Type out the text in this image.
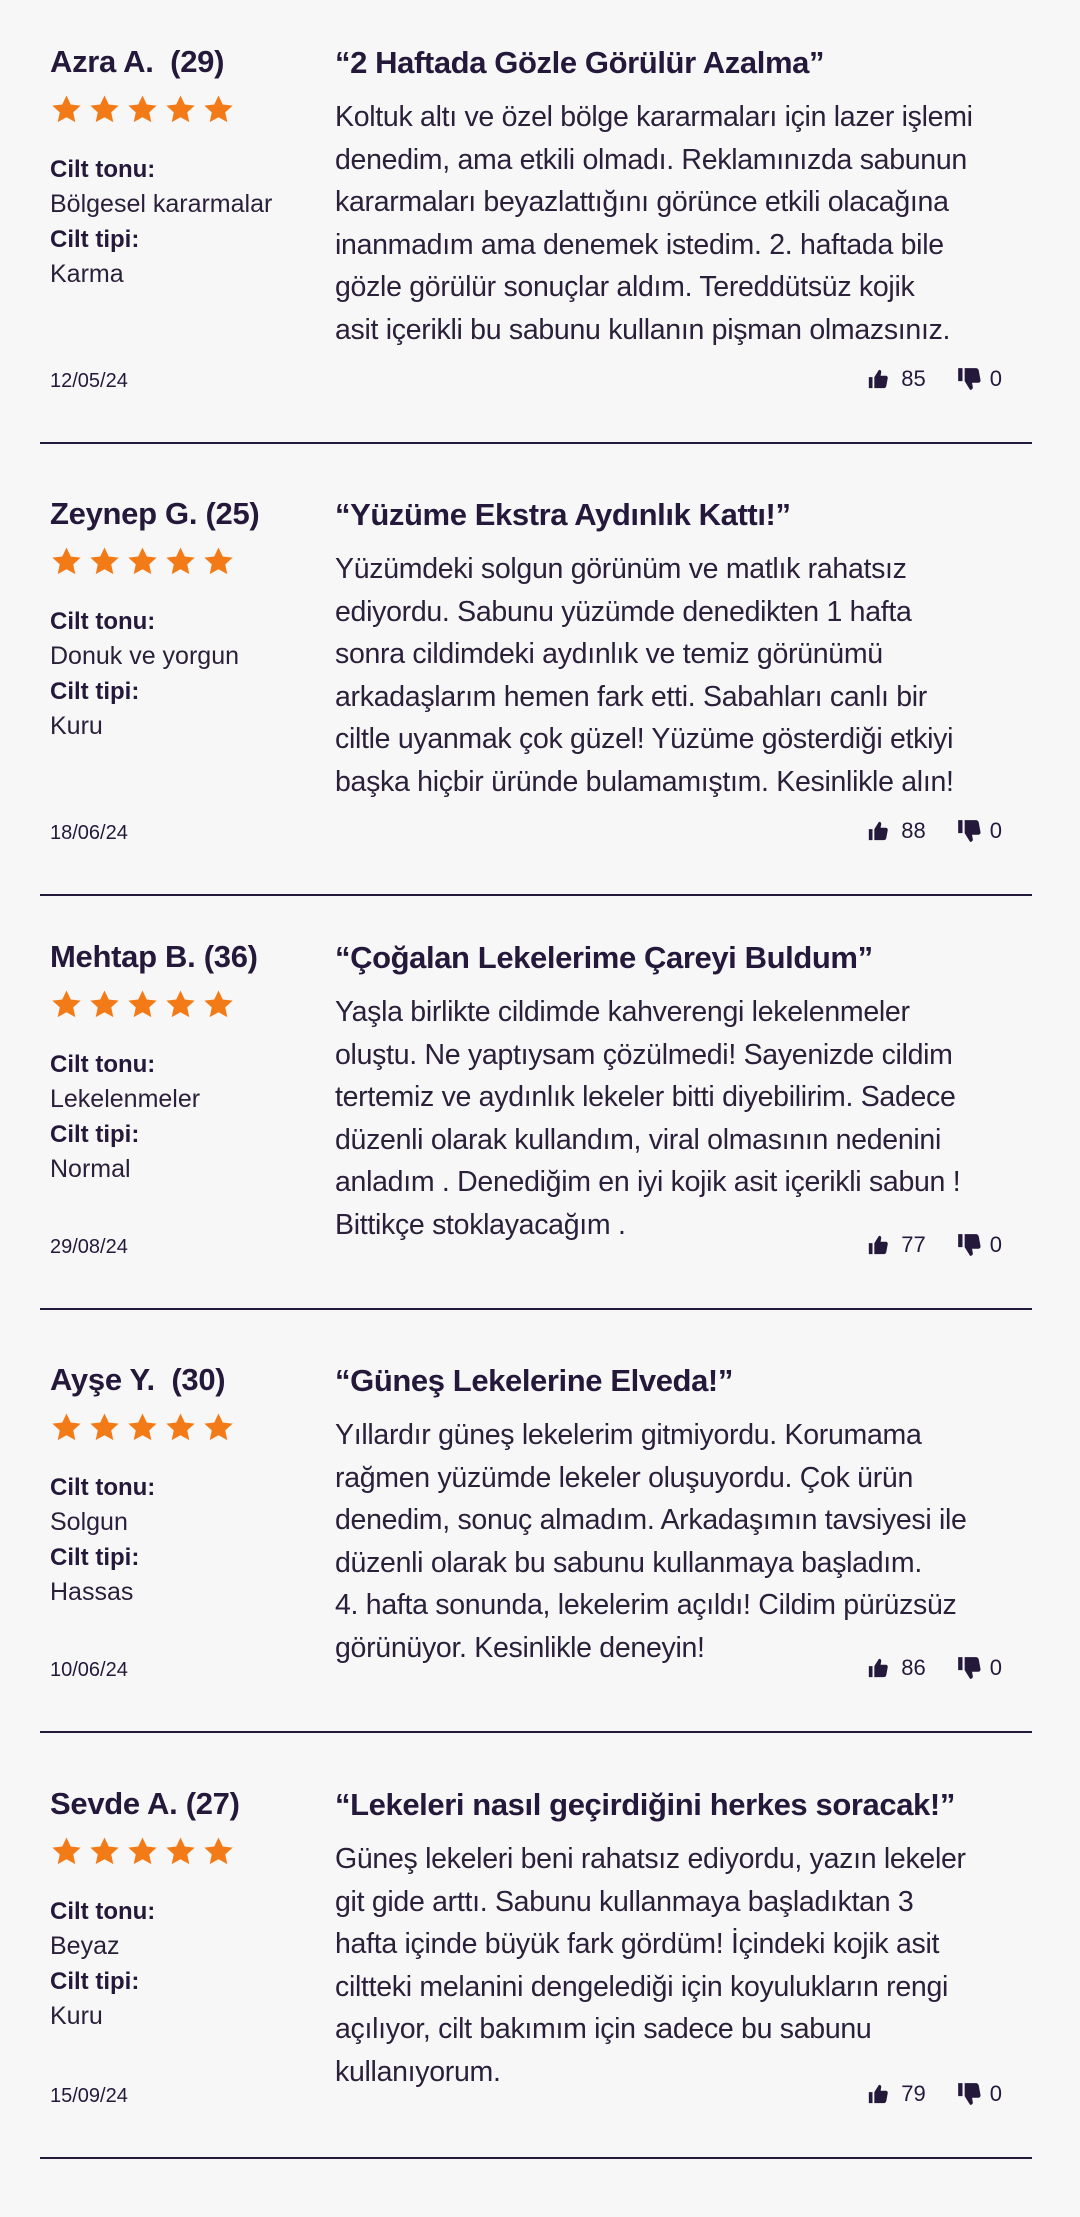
Azra A.  (29)
Cilt tonu:
Bölgesel kararmalar
Cilt tipi:
Karma
12/05/24
“2 Haftada Gözle Görülür Azalma”
Koltuk altı ve özel bölge kararmaları için lazer işlemi
denedim, ama etkili olmadı. Reklamınızda sabunun
kararmaları beyazlattığını görünce etkili olacağına
inanmadım ama denemek istedim. 2. haftada bile
gözle görülür sonuçlar aldım. Tereddütsüz kojik
asit içerikli bu sabunu kullanın pişman olmazsınız.
85	0
Zeynep G. (25)
Cilt tonu:
Donuk ve yorgun
Cilt tipi:
Kuru
18/06/24
“Yüzüme Ekstra Aydınlık Kattı!”
Yüzümdeki solgun görünüm ve matlık rahatsız
ediyordu. Sabunu yüzümde denedikten 1 hafta
sonra cildimdeki aydınlık ve temiz görünümü
arkadaşlarım hemen fark etti. Sabahları canlı bir
ciltle uyanmak çok güzel! Yüzüme gösterdiği etkiyi
başka hiçbir üründe bulamamıştım. Kesinlikle alın!
88	0
Mehtap B. (36)
Cilt tonu:
Lekelenmeler
Cilt tipi:
Normal
29/08/24
“Çoğalan Lekelerime Çareyi Buldum”
Yaşla birlikte cildimde kahverengi lekelenmeler
oluştu. Ne yaptıysam çözülmedi! Sayenizde cildim
tertemiz ve aydınlık lekeler bitti diyebilirim. Sadece
düzenli olarak kullandım, viral olmasının nedenini
anladım . Denediğim en iyi kojik asit içerikli sabun !
Bittikçe stoklayacağım .
77	0
Ayşe Y.  (30)
Cilt tonu:
Solgun
Cilt tipi:
Hassas
10/06/24
“Güneş Lekelerine Elveda!”
Yıllardır güneş lekelerim gitmiyordu. Korumama
rağmen yüzümde lekeler oluşuyordu. Çok ürün
denedim, sonuç almadım. Arkadaşımın tavsiyesi ile
düzenli olarak bu sabunu kullanmaya başladım.
4. hafta sonunda, lekelerim açıldı! Cildim pürüzsüz
görünüyor. Kesinlikle deneyin!
86	0
Sevde A. (27)
Cilt tonu:
Beyaz
Cilt tipi:
Kuru
15/09/24
“Lekeleri nasıl geçirdiğini herkes soracak!”
Güneş lekeleri beni rahatsız ediyordu, yazın lekeler
git gide arttı. Sabunu kullanmaya başladıktan 3
hafta içinde büyük fark gördüm! İçindeki kojik asit
ciltteki melanini dengelediği için koyulukların rengi
açılıyor, cilt bakımım için sadece bu sabunu
kullanıyorum.
79	0
